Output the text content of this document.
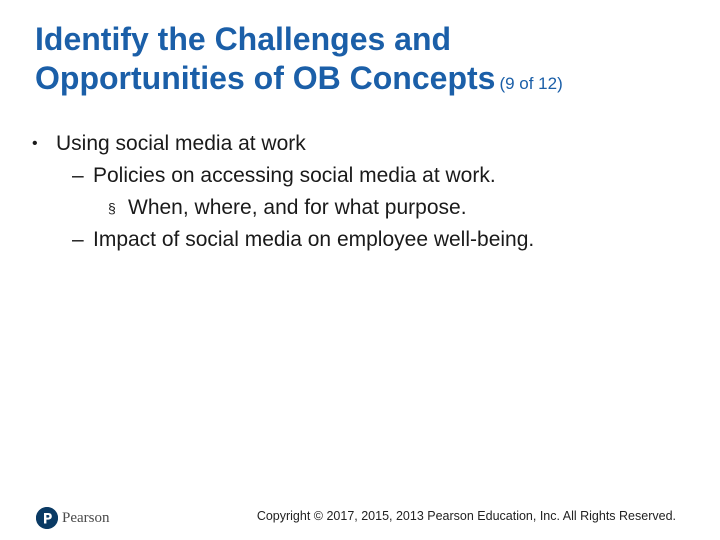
Identify the Challenges and
Opportunities of OB Concepts (9 of 12)
• Using social media at work
– Policies on accessing social media at work.
§ When, where, and for what purpose.
– Impact of social media on employee well-being.
Pearson	Copyright © 2017, 2015, 2013 Pearson Education, Inc. All Rights Reserved.
